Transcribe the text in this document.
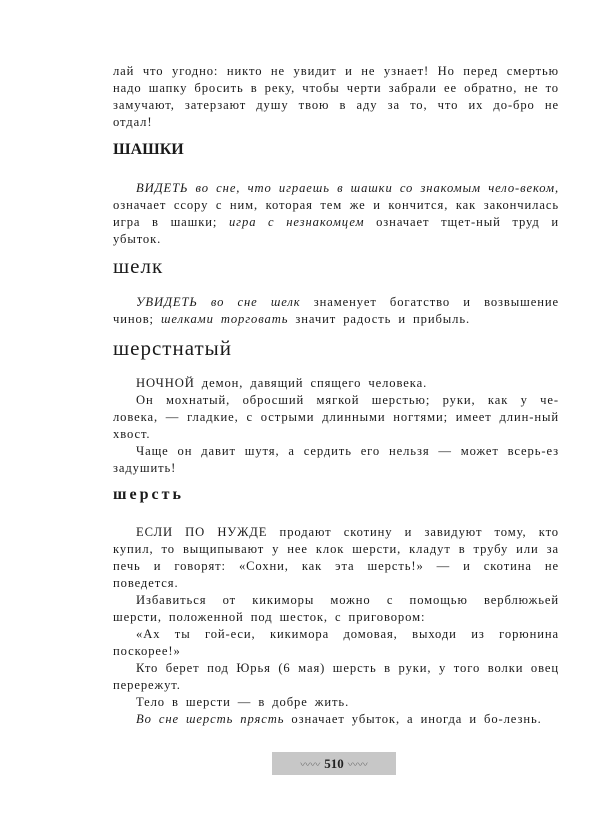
лай что угодно: никто не увидит и не узнает! Но перед смертью надо шапку бросить в реку, чтобы черти забрали ее обратно, не то замучают, затерзают душу твою в аду за то, что их до-бро не отдал!

ШАШКИ

ВИДЕТЬ во сне, что играешь в шашки со знакомым чело-веком, означает ссору с ним, которая тем же и кончится, как закончилась игра в шашки; игра с незнакомцем означает тщет-ный труд и убыток.

шелк

УВИДЕТЬ во сне шелк знаменует богатство и возвышение чинов; шелками торговать значит радость и прибыль.

шерстнатый

НОЧНОЙ демон, давящий спящего человека.

Он мохнатый, обросший мягкой шерстью; руки, как у че-ловека, — гладкие, с острыми длинными ногтями; имеет длин-ный хвост.

Чаще он давит шутя, а сердить его нельзя — может всерь-ез задушить!

шерсть

ЕСЛИ ПО НУЖДЕ продают скотину и завидуют тому, кто купил, то выщипывают у нее клок шерсти, кладут в трубу или за печь и говорят: «Сохни, как эта шерсть!» — и скотина не поведется.

Избавиться от кикиморы можно с помощью верблюжьей шерсти, положенной под шесток, с приговором:

«Ах ты гой-еси, кикимора домовая, выходи из горюнина поскорее!»

Кто берет под Юрья (6 мая) шерсть в руки, у того волки овец перережут.

Тело в шерсти — в добре жить.

Во сне шерсть прясть означает убыток, а иногда и бо-лезнь.

〰〰 510 〰〰
